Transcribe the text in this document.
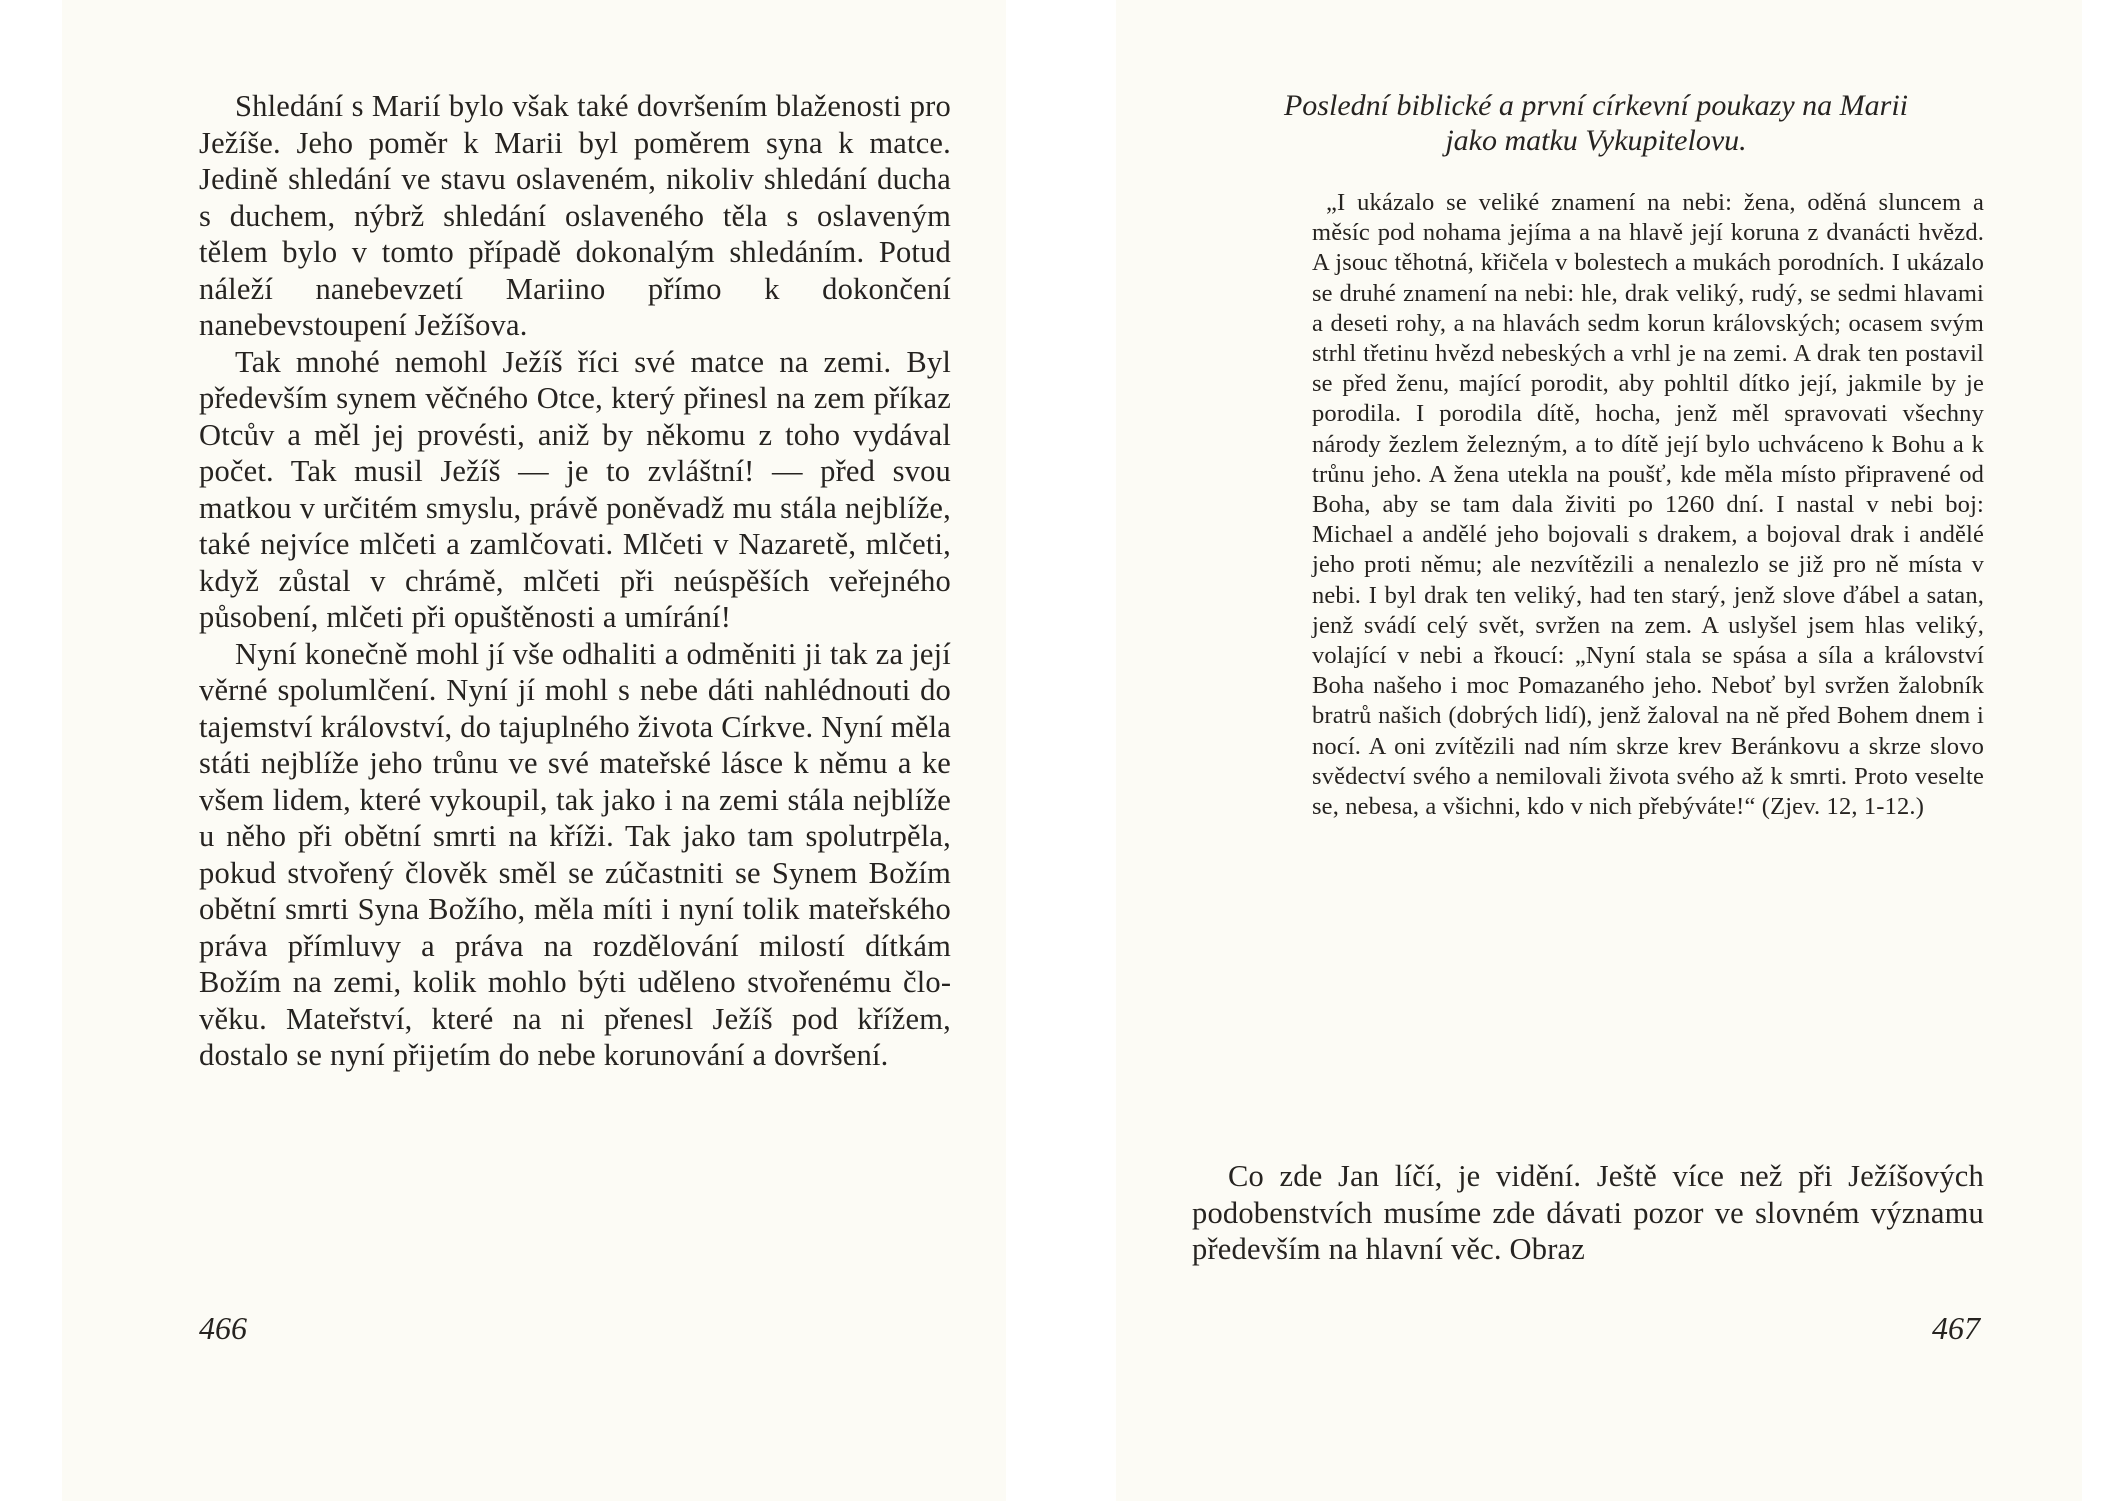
Shledání s Marií bylo však také dovršením blaženosti pro Ježíše. Jeho poměr k Marii byl poměrem syna k matce. Jedině shledání ve stavu oslaveném, nikoliv shledání ducha s duchem, nýbrž shledání oslaveného těla s oslaveným tělem bylo v tomto případě dokonalým shledáním. Potud náleží nanebevzetí Mariino přímo k dokončení nanebevstoupení Ježíšova.

Tak mnohé nemohl Ježíš říci své matce na zemi. Byl především synem věčného Otce, který přinesl na zem příkaz Otcův a měl jej provésti, aniž by někomu z toho vydával počet. Tak musil Ježíš — je to zvláštní! — před svou matkou v určitém smyslu, právě poněvadž mu stála nejblíže, také nejvíce mlčeti a zamlčovati. Mlčeti v Nazaretě, mlčeti, když zůstal v chrámě, mlčeti při neúspěších veřejného působení, mlčeti při opuštěnosti a umírání!

Nyní konečně mohl jí vše odhaliti a odměniti ji tak za její věrné spolumlčení. Nyní jí mohl s nebe dáti nahlédnouti do tajemství království, do tajuplného života Církve. Nyní měla státi nejblíže jeho trůnu ve své mateřské lásce k němu a ke všem lidem, které vykoupil, tak jako i na zemi stála nejblíže u něho při obětní smrti na kříži. Tak jako tam spolutrpěla, pokud stvořený člověk směl se zúčastniti se Synem Božím obětní smrti Syna Božího, měla míti i nyní tolik mateřského práva přímluvy a práva na rozdělování milostí dítkám Božím na zemi, kolik mohlo býti uděleno stvořenému člověku. Mateřství, které na ni přenesl Ježíš pod křížem, dostalo se nyní přijetím do nebe korunování a dovršení.

466
Poslední biblické a první církevní poukazy na Marii
jako matku Vykupitelovu.

„I ukázalo se veliké znamení na nebi: žena, oděná sluncem a měsíc pod nohama jejíma a na hlavě její koruna z dvanácti hvězd. A jsouc těhotná, křičela v bolestech a mukách porodních. I ukázalo se druhé znamení na nebi: hle, drak veliký, rudý, se sedmi hlavami a deseti rohy, a na hlavách sedm korun královských; ocasem svým strhl třetinu hvězd nebeských a vrhl je na zemi. A drak ten postavil se před ženu, mající porodit, aby pohltil dítko její, jakmile by je porodila. I porodila dítě, hocha, jenž měl spravovati všechny národy žezlem železným, a to dítě její bylo uchváceno k Bohu a k trůnu jeho. A žena utekla na poušť, kde měla místo připravené od Boha, aby se tam dala živiti po 1260 dní. I nastal v nebi boj: Michael a andělé jeho bojovali s drakem, a bojoval drak i andělé jeho proti němu; ale nezvítězili a nenalezlo se již pro ně místa v nebi. I byl drak ten veliký, had ten starý, jenž slove ďábel a satan, jenž svádí celý svět, svržen na zem. A uslyšel jsem hlas veliký, volající v nebi a řkoucí: „Nyní stala se spása a síla a království Boha našeho i moc Pomazaného jeho. Neboť byl svržen žalobník bratrů našich (dobrých lidí), jenž žaloval na ně před Bohem dnem i nocí. A oni zvítězili nad ním skrze krev Beránkovu a skrze slovo svědectví svého a nemilovali života svého až k smrti. Proto veselte se, nebesa, a všichni, kdo v nich přebýváte!“ (Zjev. 12, 1-12.)

Co zde Jan líčí, je vidění. Ještě více než při Ježíšových podobenstvích musíme zde dávati pozor ve slovném významu především na hlavní věc. Obraz

467
